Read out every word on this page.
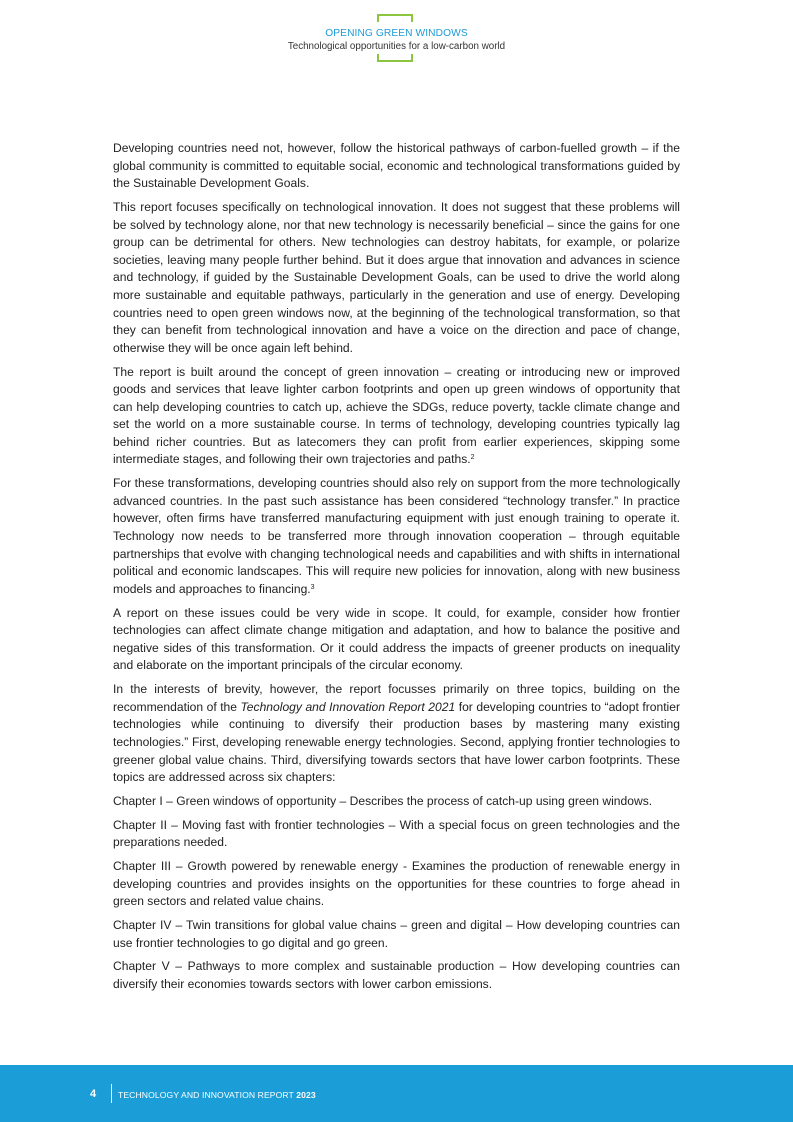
OPENING GREEN WINDOWS
Technological opportunities for a low-carbon world

Developing countries need not, however, follow the historical pathways of carbon-fuelled growth – if the global community is committed to equitable social, economic and technological transformations guided by the Sustainable Development Goals.

This report focuses specifically on technological innovation. It does not suggest that these problems will be solved by technology alone, nor that new technology is necessarily beneficial – since the gains for one group can be detrimental for others. New technologies can destroy habitats, for example, or polarize societies, leaving many people further behind. But it does argue that innovation and advances in science and technology, if guided by the Sustainable Development Goals, can be used to drive the world along more sustainable and equitable pathways, particularly in the generation and use of energy. Developing countries need to open green windows now, at the beginning of the technological transformation, so that they can benefit from technological innovation and have a voice on the direction and pace of change, otherwise they will be once again left behind.

The report is built around the concept of green innovation – creating or introducing new or improved goods and services that leave lighter carbon footprints and open up green windows of opportunity that can help developing countries to catch up, achieve the SDGs, reduce poverty, tackle climate change and set the world on a more sustainable course. In terms of technology, developing countries typically lag behind richer countries. But as latecomers they can profit from earlier experiences, skipping some intermediate stages, and following their own trajectories and paths.$^2$

For these transformations, developing countries should also rely on support from the more technologically advanced countries. In the past such assistance has been considered “technology transfer.” In practice however, often firms have transferred manufacturing equipment with just enough training to operate it. Technology now needs to be transferred more through innovation cooperation – through equitable partnerships that evolve with changing technological needs and capabilities and with shifts in international political and economic landscapes. This will require new policies for innovation, along with new business models and approaches to financing.$^3$

A report on these issues could be very wide in scope. It could, for example, consider how frontier technologies can affect climate change mitigation and adaptation, and how to balance the positive and negative sides of this transformation. Or it could address the impacts of greener products on inequality and elaborate on the important principals of the circular economy.

In the interests of brevity, however, the report focusses primarily on three topics, building on the recommendation of the Technology and Innovation Report 2021 for developing countries to “adopt frontier technologies while continuing to diversify their production bases by mastering many existing technologies.” First, developing renewable energy technologies. Second, applying frontier technologies to greener global value chains. Third, diversifying towards sectors that have lower carbon footprints. These topics are addressed across six chapters:

Chapter I – Green windows of opportunity – Describes the process of catch-up using green windows.

Chapter II – Moving fast with frontier technologies – With a special focus on green technologies and the preparations needed.

Chapter III – Growth powered by renewable energy - Examines the production of renewable energy in developing countries and provides insights on the opportunities for these countries to forge ahead in green sectors and related value chains.

Chapter IV – Twin transitions for global value chains – green and digital – How developing countries can use frontier technologies to go digital and go green.

Chapter V – Pathways to more complex and sustainable production – How developing countries can diversify their economies towards sectors with lower carbon emissions.

4	TECHNOLOGY AND INNOVATION REPORT 2023
